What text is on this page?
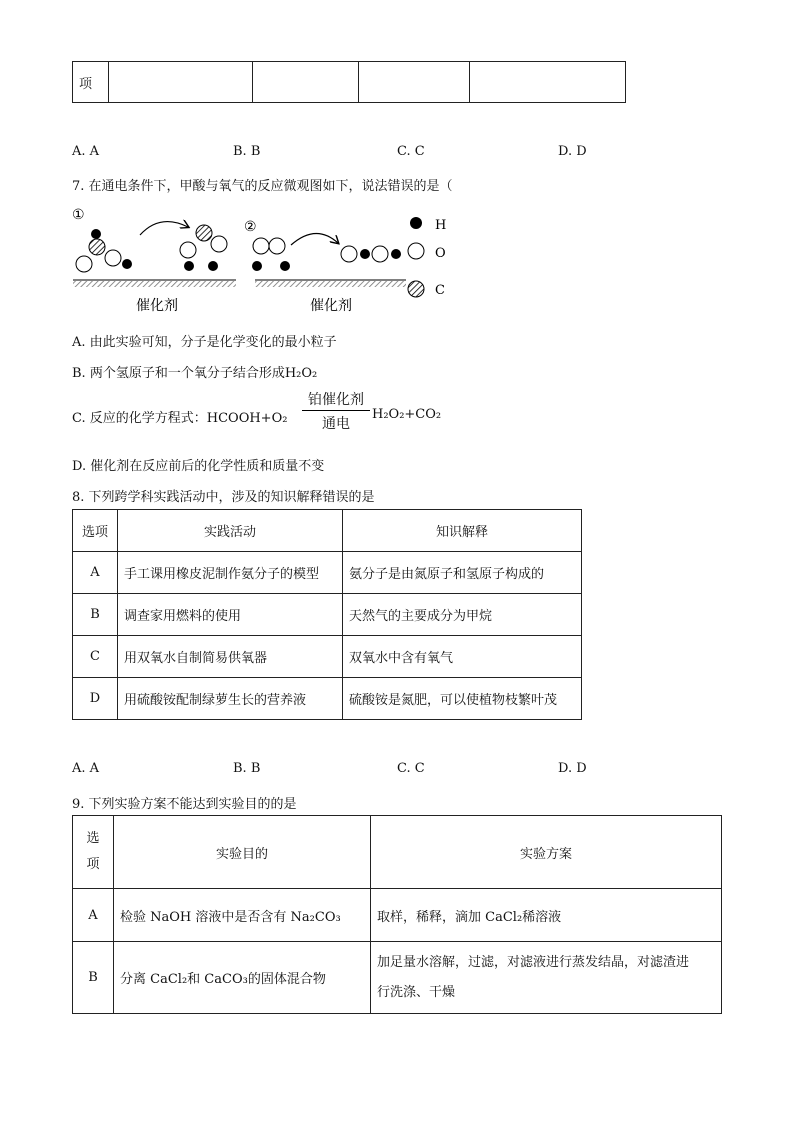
项				
A. A	B. B	C. C	D. D
7. 在通电条件下，甲酸与氧气的反应微观图如下，说法错误的是（
①
催化剂
②
催化剂
H
O
C
A. 由此实验可知，分子是化学变化的最小粒子
B. 两个氢原子和一个氧分子结合形成H₂O₂
C. 反应的化学方程式：HCOOH+O₂
铂催化剂
通电
H₂O₂+CO₂
D. 催化剂在反应前后的化学性质和质量不变
8. 下列跨学科实践活动中，涉及的知识解释错误的是
选项	实践活动	知识解释
A	手工课用橡皮泥制作氨分子的模型	氨分子是由氮原子和氢原子构成的
B	调查家用燃料的使用	天然气的主要成分为甲烷
C	用双氧水自制简易供氧器	双氧水中含有氧气
D	用硫酸铵配制绿萝生长的营养液	硫酸铵是氮肥，可以使植物枝繁叶茂
A. A	B. B	C. C	D. D
9. 下列实验方案不能达到实验目的的是
选
项	实验目的	实验方案
A	检验 NaOH 溶液中是否含有 Na₂CO₃	取样，稀释，滴加 CaCl₂稀溶液
B	分离 CaCl₂和 CaCO₃的固体混合物	加足量水溶解，过滤，对滤液进行蒸发结晶，对滤渣进
行洗涤、干燥
